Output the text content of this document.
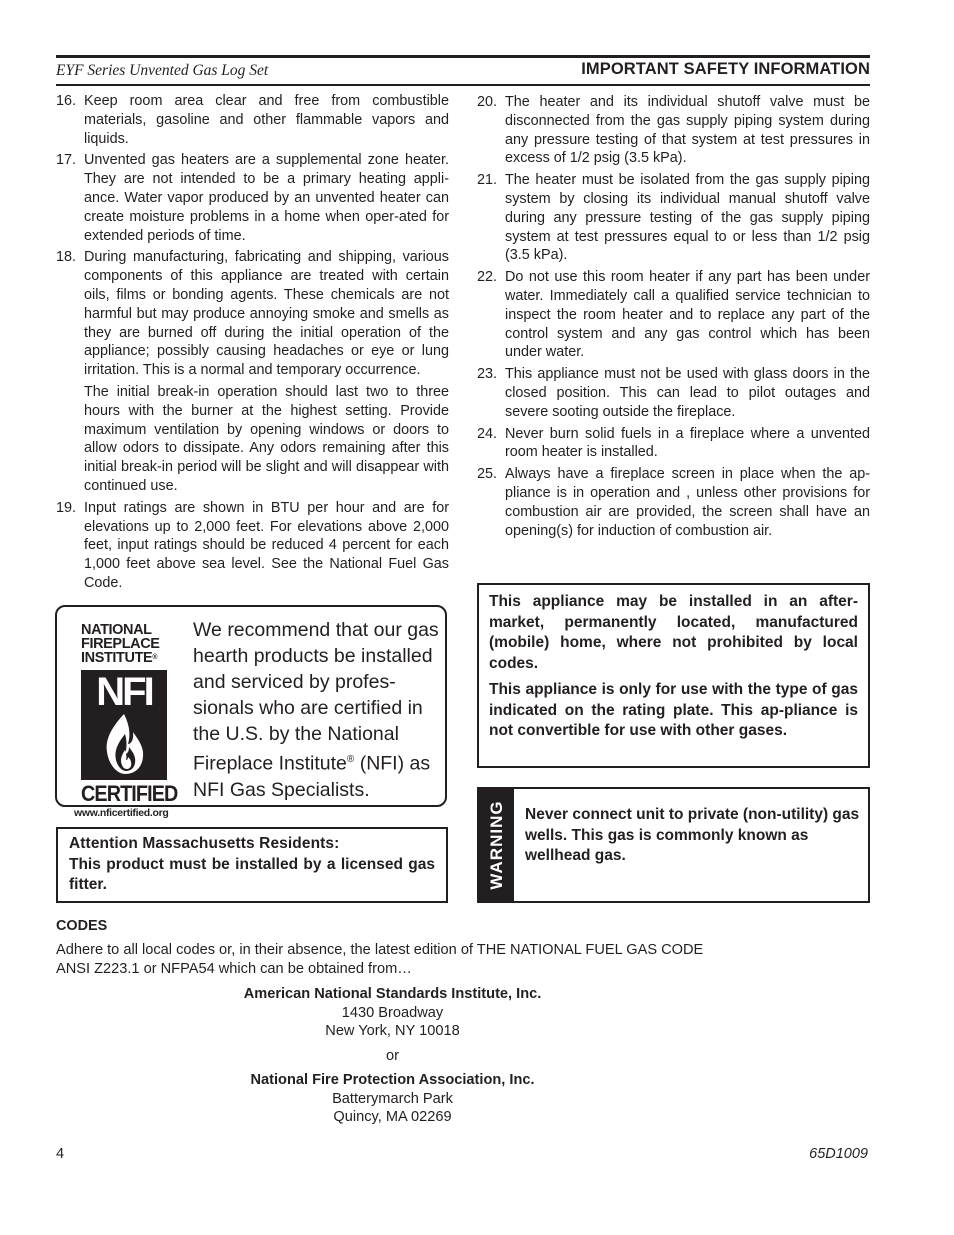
EYF Series Unvented Gas Log Set	IMPORTANT SAFETY INFORMATION
16. Keep room area clear and free from combustible materials, gasoline and other flammable vapors and liquids.
17. Unvented gas heaters are a supplemental zone heater. They are not intended to be a primary heating appli-ance. Water vapor produced by an unvented heater can create moisture problems in a home when oper-ated for extended periods of time.
18. During manufacturing, fabricating and shipping, various components of this appliance are treated with certain oils, films or bonding agents. These chemicals are not harmful but may produce annoying smoke and smells as they are burned off during the initial operation of the appliance; possibly causing headaches or eye or lung irritation. This is a normal and temporary occurrence.
The initial break-in operation should last two to three hours with the burner at the highest setting. Provide maximum ventilation by opening windows or doors to allow odors to dissipate. Any odors remaining after this initial break-in period will be slight and will disappear with continued use.
19. Input ratings are shown in BTU per hour and are for elevations up to 2,000 feet. For elevations above 2,000 feet, input ratings should be reduced 4 percent for each 1,000 feet above sea level. See the National Fuel Gas Code.
20. The heater and its individual shutoff valve must be disconnected from the gas supply piping system during any pressure testing of that system at test pressures in excess of 1/2 psig (3.5 kPa).
21. The heater must be isolated from the gas supply piping system by closing its individual manual shutoff valve during any pressure testing of the gas supply piping system at test pressures equal to or less than 1/2 psig (3.5 kPa).
22. Do not use this room heater if any part has been under water. Immediately call a qualified service technician to inspect the room heater and to replace any part of the control system and any gas control which has been under water.
23. This appliance must not be used with glass doors in the closed position. This can lead to pilot outages and severe sooting outside the fireplace.
24. Never burn solid fuels in a fireplace where a unvented room heater is installed.
25. Always have a fireplace screen in place when the ap-pliance is in operation and , unless other provisions for combustion air are provided, the screen shall have an opening(s) for induction of combustion air.
NATIONAL
FIREPLACE
INSTITUTE®
NFI
CERTIFIED
www.nficertified.org
We recommend that our gas hearth products be installed and serviced by profes-sionals who are certified in the U.S. by the National Fireplace Institute® (NFI) as NFI Gas Specialists.
Attention Massachusetts Residents:
This product must be installed by a licensed gas fitter.

This appliance may be installed in an after-market, permanently located, manufactured (mobile) home, where not prohibited by local codes.

This appliance is only for use with the type of gas indicated on the rating plate. This ap-pliance is not convertible for use with other gases.

WARNING Never connect unit to private (non-utility) gas wells. This gas is commonly known as wellhead gas.
CODES
Adhere to all local codes or, in their absence, the latest edition of THE NATIONAL FUEL GAS CODE
ANSI Z223.1 or NFPA54 which can be obtained from…
American National Standards Institute, Inc.
1430 Broadway
New York, NY 10018
or
National Fire Protection Association, Inc.
Batterymarch Park
Quincy, MA 02269
4	65D1009
